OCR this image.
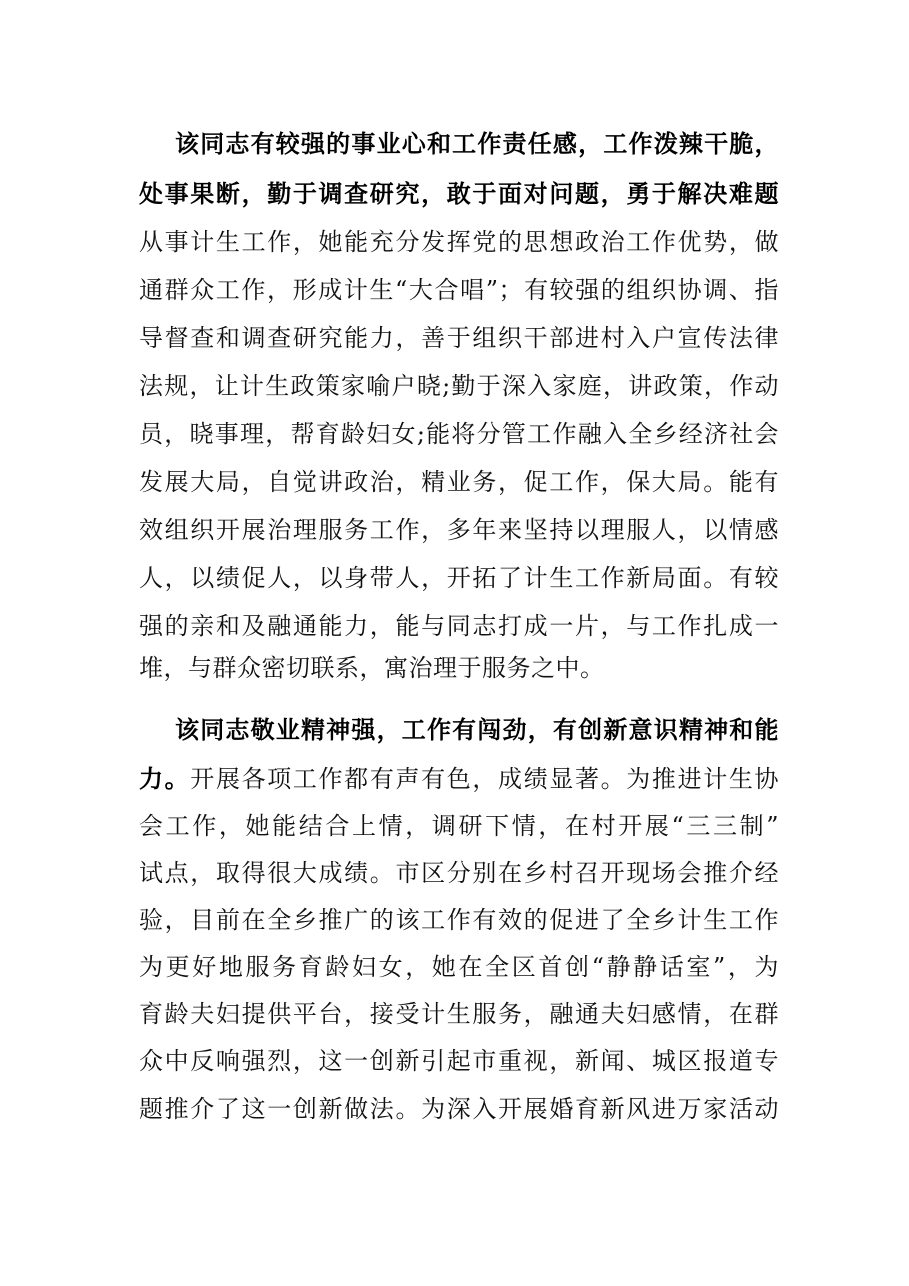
该同志有较强的事业心和工作责任感，工作泼辣干脆，
处事果断，勤于调查研究，敢于面对问题，勇于解决难题
从事计生工作，她能充分发挥党的思想政治工作优势，做
通群众工作，形成计生“大合唱”；有较强的组织协调、指
导督查和调查研究能力，善于组织干部进村入户宣传法律
法规，让计生政策家喻户晓;勤于深入家庭，讲政策，作动
员，晓事理，帮育龄妇女;能将分管工作融入全乡经济社会
发展大局，自觉讲政治，精业务，促工作，保大局。能有
效组织开展治理服务工作，多年来坚持以理服人，以情感
人，以绩促人，以身带人，开拓了计生工作新局面。有较
强的亲和及融通能力，能与同志打成一片，与工作扎成一
堆，与群众密切联系，寓治理于服务之中。
该同志敬业精神强，工作有闯劲，有创新意识精神和能
力。开展各项工作都有声有色，成绩显著。为推进计生协
会工作，她能结合上情，调研下情，在村开展“三三制”
试点，取得很大成绩。市区分别在乡村召开现场会推介经
验，目前在全乡推广的该工作有效的促进了全乡计生工作
为更好地服务育龄妇女，她在全区首创“静静话室”，为
育龄夫妇提供平台，接受计生服务，融通夫妇感情，在群
众中反响强烈，这一创新引起市重视，新闻、城区报道专
题推介了这一创新做法。为深入开展婚育新风进万家活动
